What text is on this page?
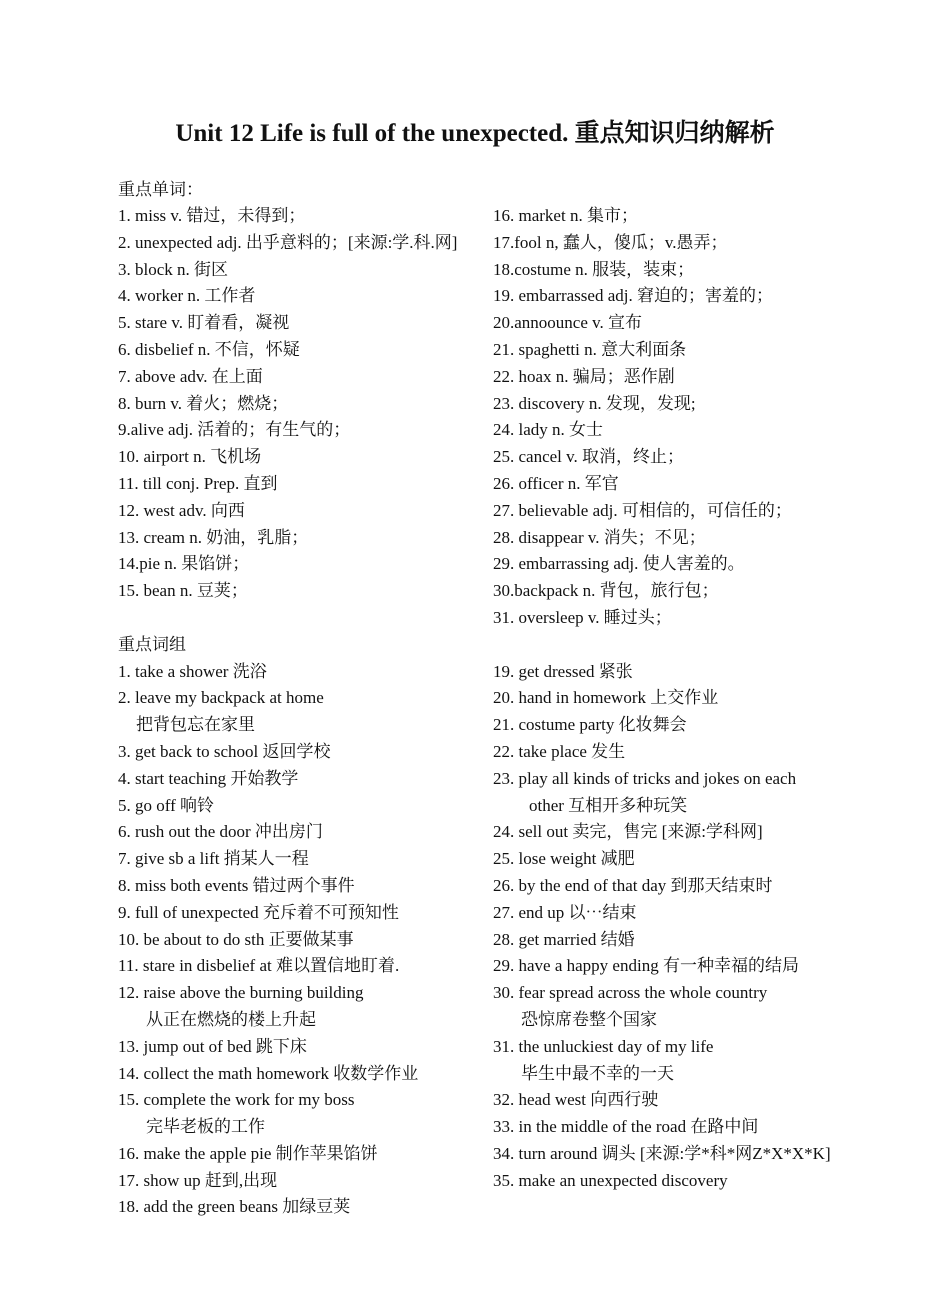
Unit 12 Life is full of the unexpected. 重点知识归纳解析
重点单词：

1. miss v. 错过，未得到；

2. unexpected adj. 出乎意料的；[来源:学.科.网]

3. block n. 街区

4. worker n. 工作者

5. stare v. 盯着看，凝视

6. disbelief n. 不信，怀疑

7. above adv. 在上面

8. burn v. 着火；燃烧；

9.alive adj. 活着的；有生气的；

10. airport n. 飞机场

11. till conj. Prep. 直到

12. west adv. 向西

13. cream n. 奶油，乳脂；

14.pie n. 果馅饼；

15. bean n. 豆荚；

16. market n. 集市；

17.fool n, 蠢人，傻瓜；v.愚弄；

18.costume n. 服装，装束；

19. embarrassed adj. 窘迫的；害羞的；

20.annoounce v. 宣布

21. spaghetti n. 意大利面条

22. hoax n. 骗局；恶作剧

23. discovery n. 发现，发现;

24. lady n. 女士

25. cancel v. 取消，终止；

26. officer n. 军官

27. believable adj. 可相信的，可信任的；

28. disappear v. 消失；不见；

29. embarrassing adj. 使人害羞的。

30.backpack n. 背包，旅行包；

31. oversleep v. 睡过头；

重点词组

1. take a shower 洗浴

2. leave my backpack at home

把背包忘在家里

3. get back to school 返回学校

4. start teaching 开始教学

5. go off 响铃

6. rush out the door 冲出房门

7. give sb a lift 捎某人一程

8. miss both events 错过两个事件

9. full of unexpected 充斥着不可预知性

10. be about to do sth 正要做某事

11. stare in disbelief at 难以置信地盯着.

12. raise above the burning building

从正在燃烧的楼上升起

13. jump out of bed 跳下床

14. collect the math homework 收数学作业

15. complete the work for my boss

完毕老板的工作

16. make the apple pie 制作苹果馅饼

17. show up 赶到,出现

18. add the green beans 加绿豆荚

19. get dressed 紧张

20. hand in homework 上交作业

21. costume party 化妆舞会

22. take place 发生

23. play all kinds of tricks and jokes on each

other 互相开多种玩笑

24. sell out 卖完，售完 [来源:学科网]

25. lose weight 减肥

26. by the end of that day 到那天结束时

27. end up 以⋯结束

28. get married 结婚

29. have a happy ending 有一种幸福的结局

30. fear spread across the whole country

恐惊席卷整个国家

31. the unluckiest day of my life

毕生中最不幸的一天

32. head west 向西行驶

33. in the middle of the road 在路中间

34. turn around 调头 [来源:学*科*网Z*X*X*K]

35. make an unexpected discovery
